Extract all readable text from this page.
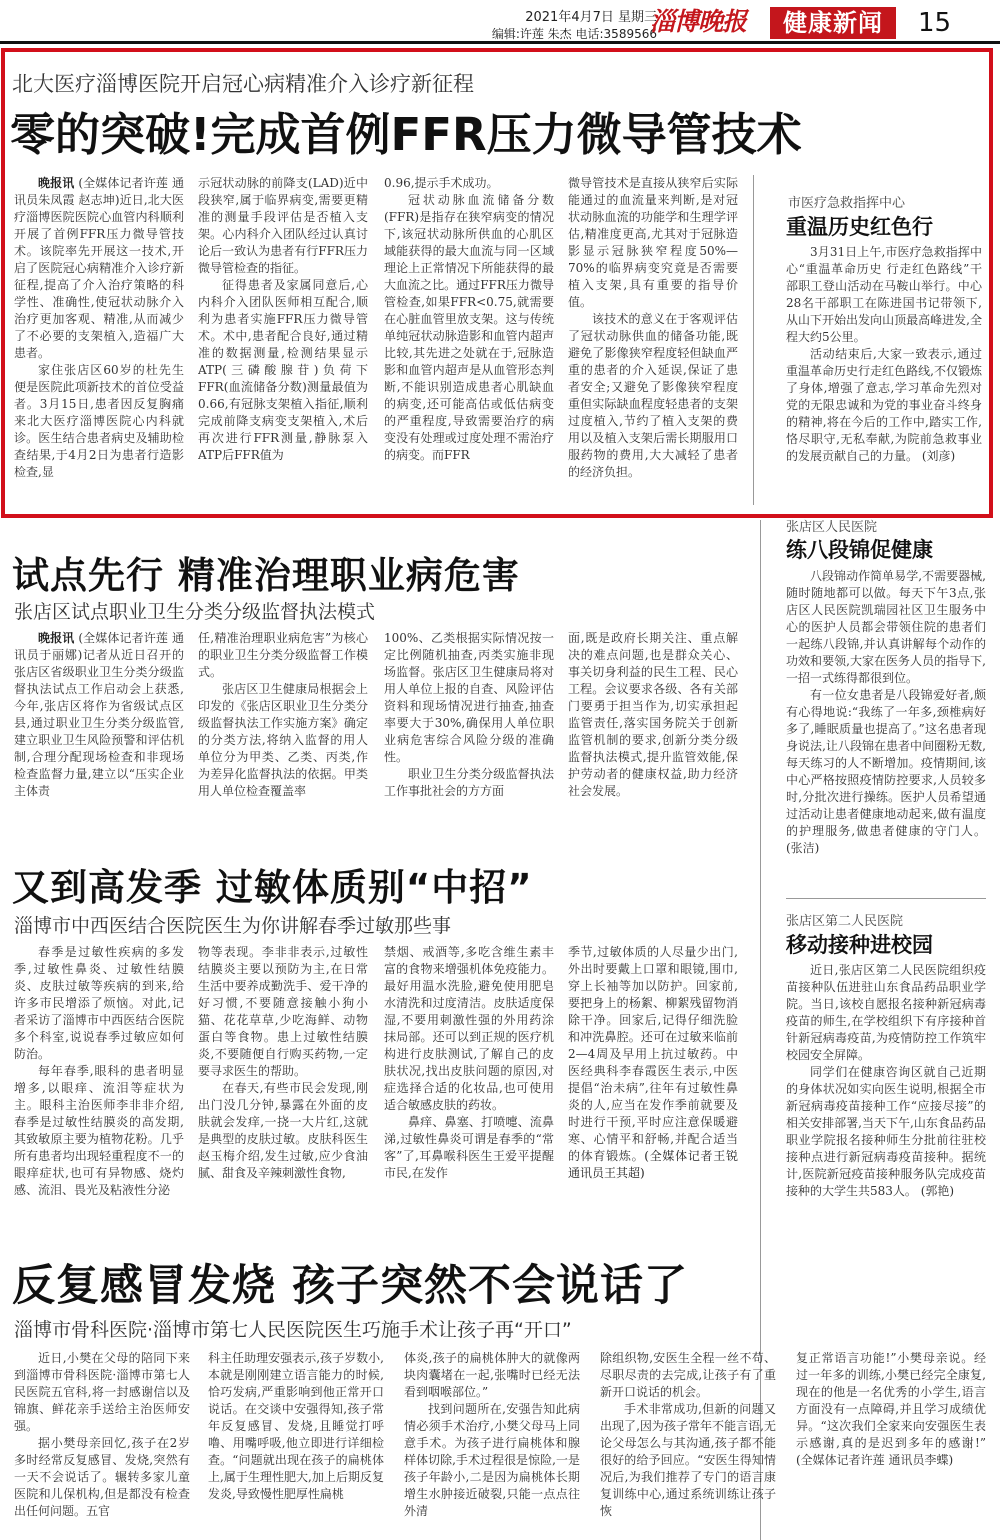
2021年4月7日 星期三
编辑:许莲 朱杰 电话:3589566
淄博晚报	健康新闻	15
北大医疗淄博医院开启冠心病精准介入诊疗新征程
零的突破!完成首例FFR压力微导管技术

晚报讯 (全媒体记者许莲 通讯员朱凤霞 赵志坤)近日,北大医疗淄博医院医院心血管内科顺利开展了首例FFR压力微导管技术。该院率先开展这一技术,开启了医院冠心病精准介入诊疗新征程,提高了介入治疗策略的科学性、准确性,使冠状动脉介入治疗更加客观、精准,从而减少了不必要的支架植入,造福广大患者。

家住张店区60岁的杜先生便是医院此项新技术的首位受益者。3月15日,患者因反复胸痛来北大医疗淄博医院心内科就诊。医生结合患者病史及辅助检查结果,于4月2日为患者行造影检查,显

示冠状动脉的前降支(LAD)近中段狭窄,属于临界病变,需要更精准的测量手段评估是否植入支架。心内科介入团队经过认真讨论后一致认为患者有行FFR压力微导管检查的指征。

征得患者及家属同意后,心内科介入团队医师相互配合,顺利为患者实施FFR压力微导管术。术中,患者配合良好,通过精准的数据测量,检测结果显示ATP(三磷酸腺苷)负荷下FFR(血流储备分数)测量最值为0.66,有冠脉支架植入指征,顺利完成前降支病变支架植入,术后再次进行FFR测量,静脉泵入ATP后FFR值为

0.96,提示手术成功。

冠状动脉血流储备分数(FFR)是指存在狭窄病变的情况下,该冠状动脉所供血的心肌区域能获得的最大血流与同一区域理论上正常情况下所能获得的最大血流之比。通过FFR压力微导管检查,如果FFR<0.75,就需要在心脏血管里放支架。这与传统单纯冠状动脉造影和血管内超声比较,其先进之处就在于,冠脉造影和血管内超声是从血管形态判断,不能识别造成患者心肌缺血的病变,还可能高估或低估病变的严重程度,导致需要治疗的病变没有处理或过度处理不需治疗的病变。而FFR

微导管技术是直接从狭窄后实际能通过的血流量来判断,是对冠状动脉血流的功能学和生理学评估,精准度更高,尤其对于冠脉造影显示冠脉狭窄程度50%—70%的临界病变究竟是否需要植入支架,具有重要的指导价值。

该技术的意义在于客观评估了冠状动脉供血的储备功能,既避免了影像狭窄程度轻但缺血严重的患者的介入延误,保证了患者安全;又避免了影像狭窄程度重但实际缺血程度轻患者的支架过度植入,节约了植入支架的费用以及植入支架后需长期服用口服药物的费用,大大减轻了患者的经济负担。

市医疗急救指挥中心
重温历史红色行

3月31日上午,市医疗急救指挥中心“重温革命历史 行走红色路线”干部职工登山活动在马鞍山举行。中心28名干部职工在陈进国书记带领下,从山下开始出发向山顶最高峰进发,全程大约5公里。

活动结束后,大家一致表示,通过重温革命历史行走红色路线,不仅锻炼了身体,增强了意志,学习革命先烈对党的无限忠诚和为党的事业奋斗终身的精神,将在今后的工作中,踏实工作,恪尽职守,无私奉献,为院前急救事业的发展贡献自己的力量。 (刘彦)

试点先行 精准治理职业病危害
张店区试点职业卫生分类分级监督执法模式

晚报讯 (全媒体记者许莲 通讯员于丽娜)记者从近日召开的张店区省级职业卫生分类分级监督执法试点工作启动会上获悉,今年,张店区将作为省级试点区县,通过职业卫生分类分级监管,建立职业卫生风险预警和评估机制,合理分配现场检查和非现场检查监督力量,建立以“压实企业主体责

任,精准治理职业病危害”为核心的职业卫生分类分级监督工作模式。

张店区卫生健康局根据会上印发的《张店区职业卫生分类分级监督执法工作实施方案》确定的分类方法,将纳入监督的用人单位分为甲类、乙类、丙类,作为差异化监督执法的依据。甲类用人单位检查覆盖率

100%、乙类根据实际情况按一定比例随机抽查,丙类实施非现场监督。张店区卫生健康局将对用人单位上报的自查、风险评估资料和现场情况进行抽查,抽查率要大于30%,确保用人单位职业病危害综合风险分级的准确性。

职业卫生分类分级监督执法工作事批社会的方方面

面,既是政府长期关注、重点解决的难点问题,也是群众关心、事关切身利益的民生工程、民心工程。会议要求各级、各有关部门要勇于担当作为,切实承担起监管责任,落实国务院关于创新监管机制的要求,创新分类分级监督执法模式,提升监管效能,保护劳动者的健康权益,助力经济社会发展。

张店区人民医院
练八段锦促健康

八段锦动作简单易学,不需要器械,随时随地都可以做。每天下午3点,张店区人民医院凯瑞园社区卫生服务中心的医护人员都会带领住院的患者们一起练八段锦,并认真讲解每个动作的功效和要领,大家在医务人员的指导下,一招一式练得都很到位。

有一位女患者是八段锦爱好者,颇有心得地说:“我练了一年多,颈椎病好多了,睡眠质量也提高了。”这名患者现身说法,让八段锦在患者中间圈粉无数,每天练习的人不断增加。疫情期间,该中心严格按照疫情防控要求,人员较多时,分批次进行操练。医护人员希望通过活动让患者健康地动起来,做有温度的护理服务,做患者健康的守门人。 (张洁)

又到高发季 过敏体质别“中招”
淄博市中西医结合医院医生为你讲解春季过敏那些事

春季是过敏性疾病的多发季,过敏性鼻炎、过敏性结膜炎、皮肤过敏等疾病的到来,给许多市民增添了烦恼。对此,记者采访了淄博市中西医结合医院多个科室,说说春季过敏应如何防治。

每年春季,眼科的患者明显增多,以眼痒、流泪等症状为主。眼科主治医师李非非介绍,春季是过敏性结膜炎的高发期,其致敏原主要为植物花粉。几乎所有患者均出现轻重程度不一的眼痒症状,也可有异物感、烧灼感、流泪、畏光及粘液性分泌

物等表现。李非非表示,过敏性结膜炎主要以预防为主,在日常生活中要养成勤洗手、爱干净的好习惯,不要随意接触小狗小猫、花花草草,少吃海鲜、动物蛋白等食物。患上过敏性结膜炎,不要随便自行购买药物,一定要寻求医生的帮助。

在春天,有些市民会发现,刚出门没几分钟,暴露在外面的皮肤就会发痒,一挠一大片红,这就是典型的皮肤过敏。皮肤科医生赵玉梅介绍,发生过敏,应少食油腻、甜食及辛辣刺激性食物,

禁烟、戒酒等,多吃含维生素丰富的食物来增强机体免疫能力。最好用温水洗脸,避免使用肥皂水清洗和过度清洁。皮肤适度保湿,不要用刺激性强的外用药涂抹局部。还可以到正规的医疗机构进行皮肤测试,了解自己的皮肤状况,找出皮肤问题的原因,对症选择合适的化妆品,也可使用适合敏感皮肤的药妆。

鼻痒、鼻塞、打喷嚏、流鼻涕,过敏性鼻炎可谓是春季的“常客”了,耳鼻喉科医生王爱平提醒市民,在发作

季节,过敏体质的人尽量少出门,外出时要戴上口罩和眼镜,围巾,穿上长袖等加以防护。回家前,要把身上的杨絮、柳絮残留物消除干净。回家后,记得仔细洗脸和冲洗鼻腔。还可在过敏来临前2—4周及早用上抗过敏药。中医经典科李春霞医生表示,中医提倡“治未病”,往年有过敏性鼻炎的人,应当在发作季前就要及时进行干预,平时应注意保暖避寒、心情平和舒畅,并配合适当的体育锻炼。(全媒体记者王锐 通讯员王其超)

张店区第二人民医院
移动接种进校园

近日,张店区第二人民医院组织疫苗接种队伍进驻山东食品药品职业学院。当日,该校自愿报名接种新冠病毒疫苗的师生,在学校组织下有序接种首针新冠病毒疫苗,为疫情防控工作筑牢校园安全屏障。

同学们在健康咨询区就自己近期的身体状况如实向医生说明,根据全市新冠病毒疫苗接种工作“应接尽接”的相关安排部署,当天下午,山东食品药品职业学院报名接种师生分批前往驻校接种点进行新冠病毒疫苗接种。据统计,医院新冠疫苗接种服务队完成疫苗接种的大学生共583人。 (郭艳)

反复感冒发烧 孩子突然不会说话了
淄博市骨科医院·淄博市第七人民医院医生巧施手术让孩子再“开口”

近日,小樊在父母的陪同下来到淄博市骨科医院·淄博市第七人民医院五官科,将一封感谢信以及锦旗、鲜花亲手送给主治医师安强。

据小樊母亲回忆,孩子在2岁多时经常反复感冒、发烧,突然有一天不会说话了。辗转多家儿童医院和儿保机构,但是都没有检查出任何问题。五官

科主任助理安强表示,孩子岁数小,本就是刚刚建立语言能力的时候,恰巧发病,严重影响到他正常开口说话。在交谈中安强得知,孩子常年反复感冒、发烧,且睡觉打呼噜、用嘴呼吸,他立即进行详细检查。“问题就出现在孩子的扁桃体上,属于生理性肥大,加上后期反复发炎,导致慢性肥厚性扁桃

体炎,孩子的扁桃体肿大的就像两块肉囊堵在一起,张嘴时已经无法看到咽喉部位。”

找到问题所在,安强告知此病情必须手术治疗,小樊父母马上同意手术。为孩子进行扁桃体和腺样体切除,手术过程很是惊险,一是孩子年龄小,二是因为扁桃体长期增生水肿接近破裂,只能一点点往外清

除组织物,安医生全程一丝不苟、尽职尽责的去完成,让孩子有了重新开口说话的机会。

手术非常成功,但新的问题又出现了,因为孩子常年不能言语,无论父母怎么与其沟通,孩子都不能很好的给予回应。“安医生得知情况后,为我们推荐了专门的语言康复训练中心,通过系统训练让孩子恢

复正常语言功能!”小樊母亲说。经过一年多的训练,小樊已经完全康复,现在的他是一名优秀的小学生,语言方面没有一点障碍,并且学习成绩优异。“这次我们全家来向安强医生表示感谢,真的是迟到多年的感谢!” (全媒体记者许莲 通讯员李蝶)
